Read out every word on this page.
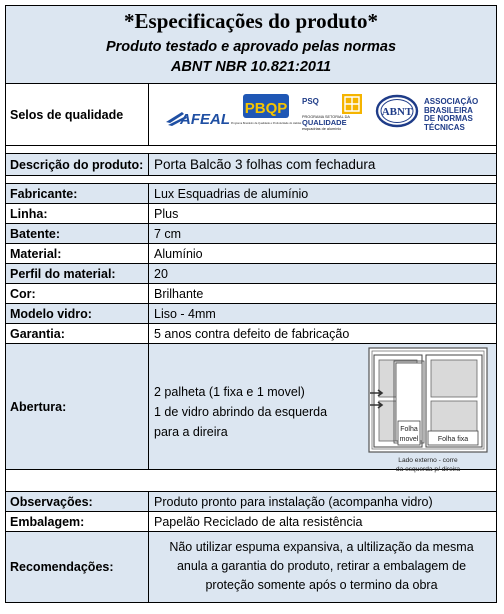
*Especificações do produto*
Produto testado e aprovado pelas normas
ABNT NBR 10.821:2011
Selos de qualidade	AFEAL
PBQP
Programa Brasileiro da Qualidade e Produtividade do Habitat
PSQ
PROGRAMA SETORIAL DA
QUALIDADE
esquadrias de alumínio
ABNT
ASSOCIAÇÃO
BRASILEIRA
DE NORMAS
TÉCNICAS
Descrição do produto: Porta Balcão 3 folhas com fechadura
Fabricante:	Lux Esquadrias de alumínio
Linha:	Plus
Batente:	7 cm
Material:	Alumínio
Perfil do material:	20
Cor:	Brilhante
Modelo vidro:	Liso - 4mm
Garantia:	5 anos contra defeito de fabricação
Abertura:
2 palheta (1 fixa e 1 movel)
1 de vidro abrindo da esquerda
para a direira	Folha
movel	Folha fixa
Lado externo - corre
da esquerda p/ direira
Observações:	Produto pronto para instalação (acompanha vidro)
Embalagem:	Papelão Reciclado de alta resistência
Recomendações:
Não utilizar espuma expansiva, a ultilização da mesma
anula a garantia do produto, retirar a embalagem de
proteção somente após o termino da obra
